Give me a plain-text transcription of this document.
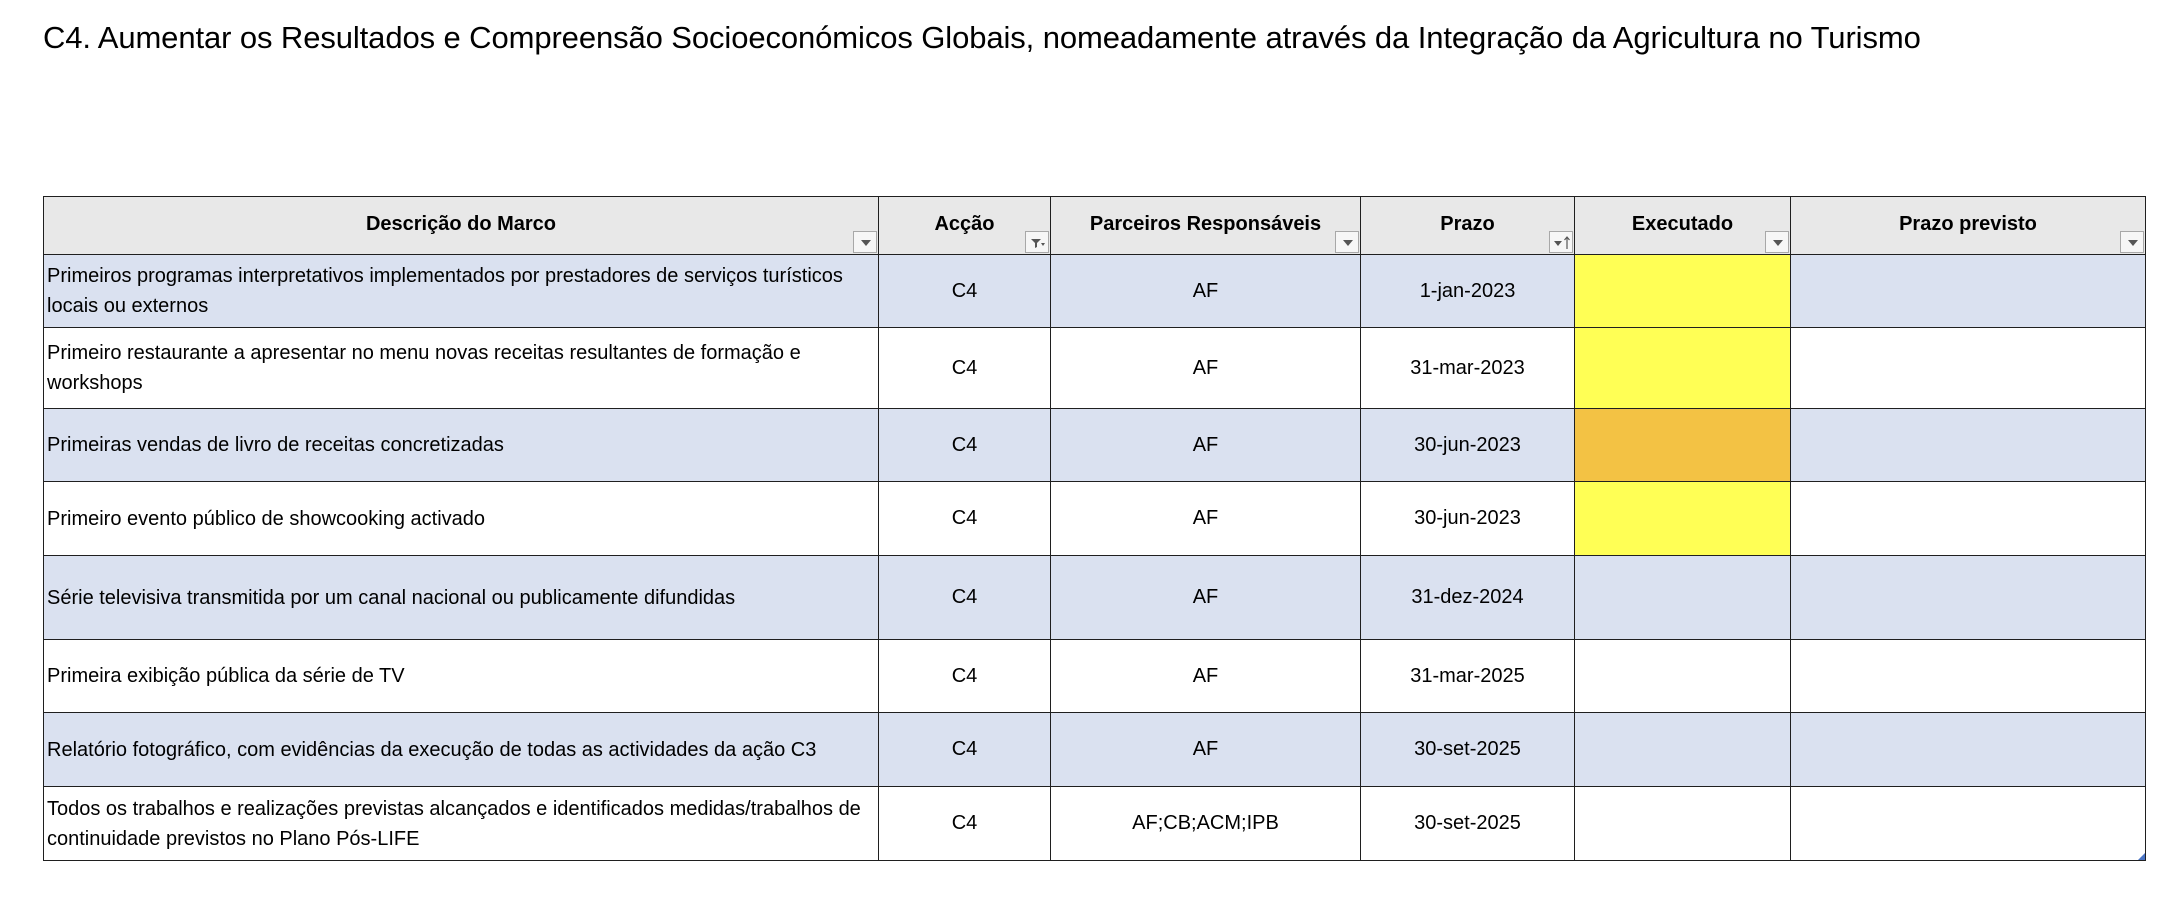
C4. Aumentar os Resultados e Compreensão Socioeconómicos Globais, nomeadamente através da Integração da Agricultura no Turismo
Descrição do Marco	Acção	Parceiros Responsáveis	Prazo	Executado	Prazo previsto

Primeiros programas interpretativos implementados por prestadores de serviços turísticos locais ou externos	C4	AF	1-jan-2023		
Primeiro restaurante a apresentar no menu novas receitas resultantes de formação e workshops	C4	AF	31-mar-2023		
Primeiras vendas de livro de receitas concretizadas	C4	AF	30-jun-2023		
Primeiro evento público de showcooking activado	C4	AF	30-jun-2023		
Série televisiva transmitida por um canal nacional ou publicamente difundidas	C4	AF	31-dez-2024		
Primeira exibição pública da série de TV	C4	AF	31-mar-2025		
Relatório fotográfico, com evidências da execução de todas as actividades da ação C3	C4	AF	30-set-2025		
Todos os trabalhos e realizações previstas alcançados e identificados medidas/trabalhos de continuidade previstos no Plano Pós-LIFE	C4	AF;CB;ACM;IPB	30-set-2025		
